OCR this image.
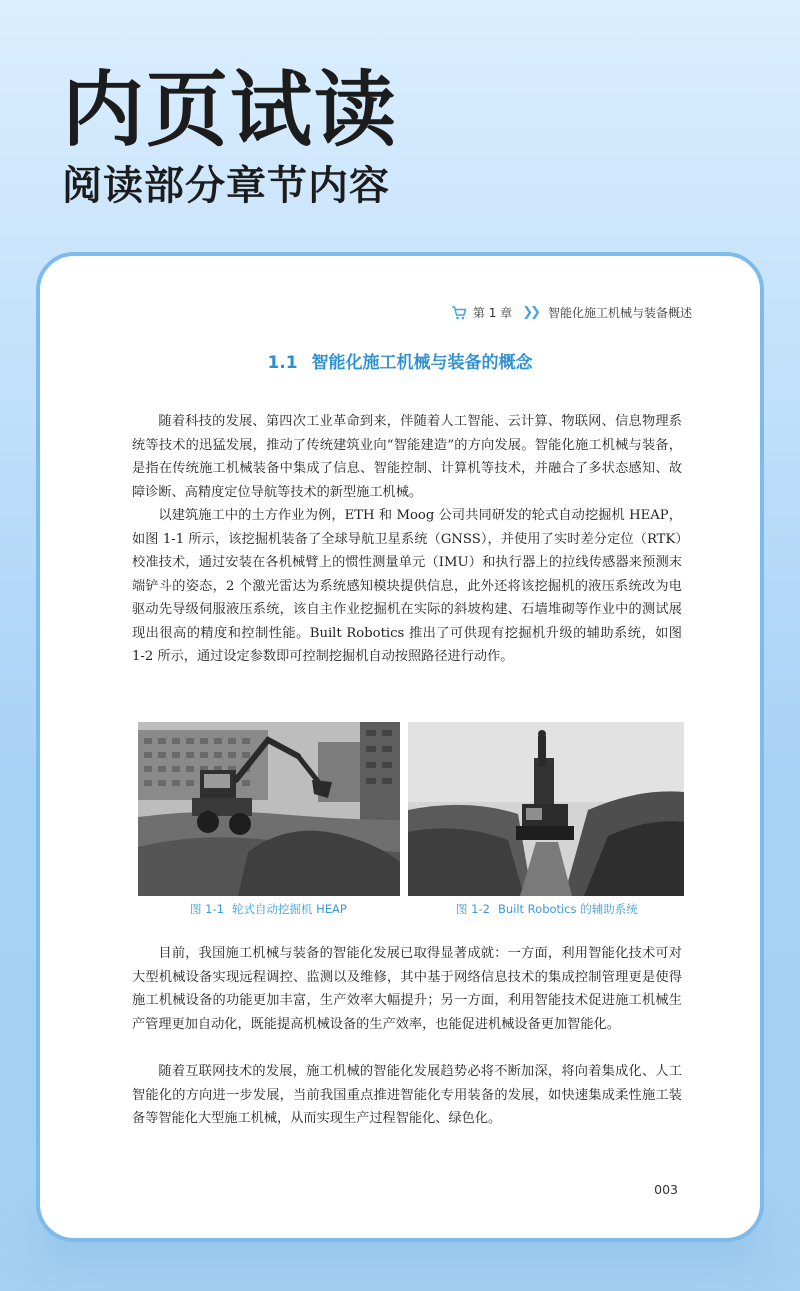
内页试读
阅读部分章节内容
第 1 章 ❯❯ 智能化施工机械与装备概述
1.1 智能化施工机械与装备的概念

随着科技的发展、第四次工业革命到来，伴随着人工智能、云计算、物联网、信息物理系统等技术的迅猛发展，推动了传统建筑业向“智能建造”的方向发展。智能化施工机械与装备，是指在传统施工机械装备中集成了信息、智能控制、计算机等技术，并融合了多状态感知、故障诊断、高精度定位导航等技术的新型施工机械。

以建筑施工中的土方作业为例，ETH 和 Moog 公司共同研发的轮式自动挖掘机 HEAP，如图 1-1 所示，该挖掘机装备了全球导航卫星系统（GNSS），并使用了实时差分定位（RTK）校准技术，通过安装在各机械臂上的惯性测量单元（IMU）和执行器上的拉线传感器来预测末端铲斗的姿态，2 个激光雷达为系统感知模块提供信息，此外还将该挖掘机的液压系统改为电驱动先导级伺服液压系统，该自主作业挖掘机在实际的斜坡构建、石墙堆砌等作业中的测试展现出很高的精度和控制性能。Built Robotics 推出了可供现有挖掘机升级的辅助系统，如图 1-2 所示，通过设定参数即可控制挖掘机自动按照路径进行动作。

图 1-1 轮式自动挖掘机 HEAP	图 1-2 Built Robotics 的辅助系统

目前，我国施工机械与装备的智能化发展已取得显著成就：一方面，利用智能化技术可对大型机械设备实现远程调控、监测以及维修，其中基于网络信息技术的集成控制管理更是使得施工机械设备的功能更加丰富，生产效率大幅提升；另一方面，利用智能技术促进施工机械生产管理更加自动化，既能提高机械设备的生产效率，也能促进机械设备更加智能化。

随着互联网技术的发展，施工机械的智能化发展趋势必将不断加深，将向着集成化、人工智能化的方向进一步发展，当前我国重点推进智能化专用装备的发展，如快速集成柔性施工装备等智能化大型施工机械，从而实现生产过程智能化、绿色化。

003
